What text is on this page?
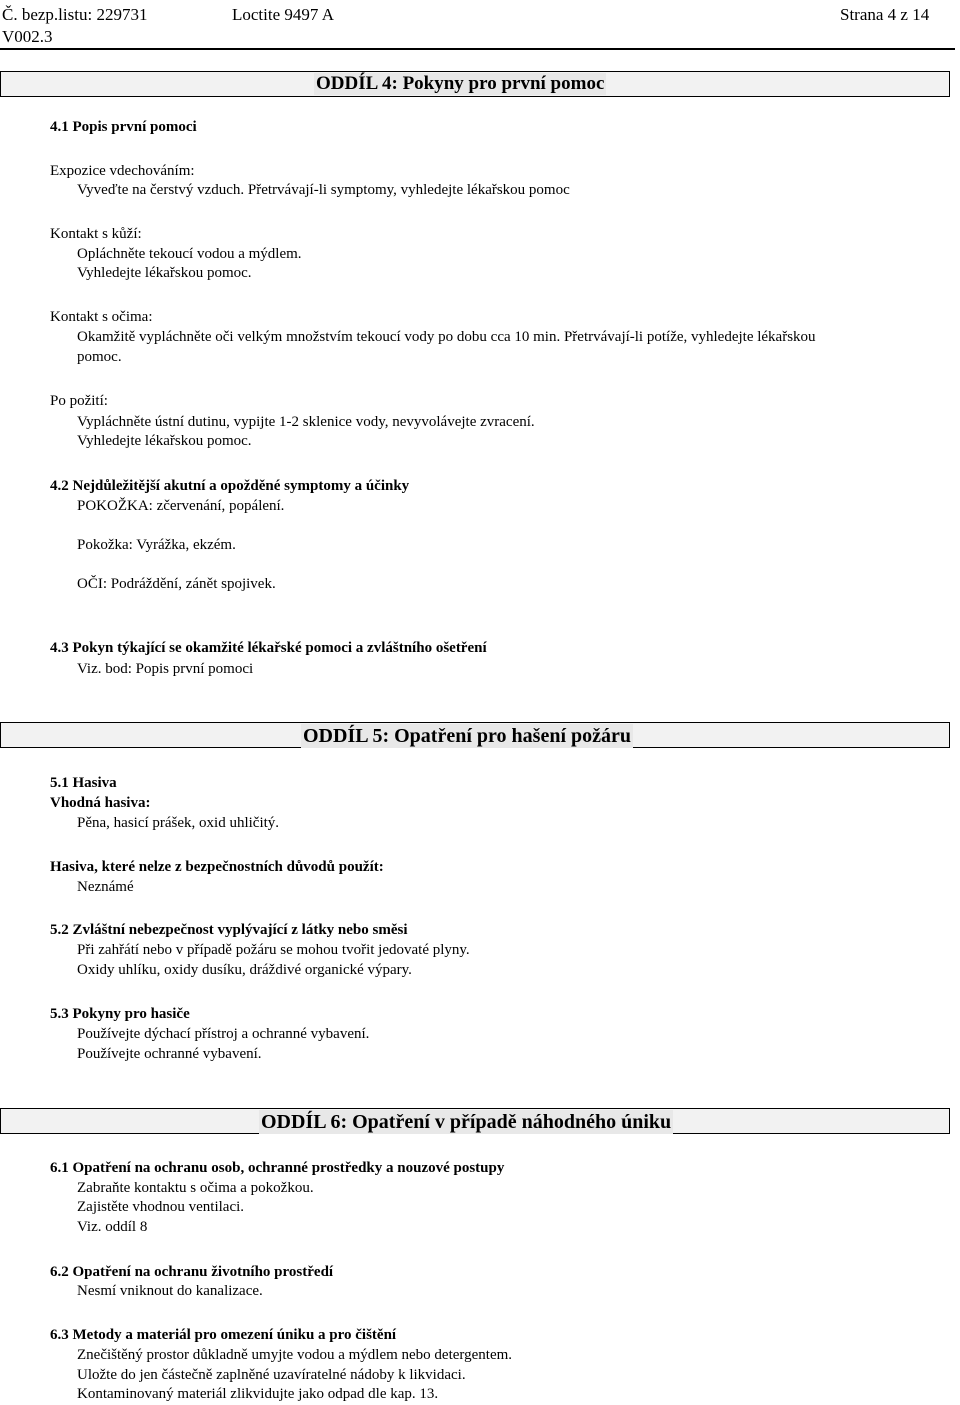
Č. bezp.listu: 229731	Loctite 9497 A	Strana 4 z 14
V002.3
ODDÍL 4: Pokyny pro první pomoc
4.1 Popis první pomoci
Expozice vdechováním:
Vyveďte na čerstvý vzduch. Přetrvávají-li symptomy, vyhledejte lékařskou pomoc
Kontakt s kůží:
Opláchněte tekoucí vodou a mýdlem.
Vyhledejte lékařskou pomoc.
Kontakt s očima:
Okamžitě vypláchněte oči velkým množstvím tekoucí vody po dobu cca 10 min. Přetrvávají-li potíže, vyhledejte lékařskou
pomoc.
Po požití:
Vypláchněte ústní dutinu, vypijte 1-2 sklenice vody, nevyvolávejte zvracení.
Vyhledejte lékařskou pomoc.
4.2 Nejdůležitější akutní a opožděné symptomy a účinky
POKOŽKA: zčervenání, popálení.
Pokožka: Vyrážka, ekzém.
OČI: Podráždění, zánět spojivek.
4.3 Pokyn týkající se okamžité lékařské pomoci a zvláštního ošetření
Viz. bod: Popis první pomoci
ODDÍL 5: Opatření pro hašení požáru
5.1 Hasiva
Vhodná hasiva:
Pěna, hasicí prášek, oxid uhličitý.
Hasiva, které nelze z bezpečnostních důvodů použít:
Neznámé
5.2 Zvláštní nebezpečnost vyplývající z látky nebo směsi
Při zahřátí nebo v případě požáru se mohou tvořit jedovaté plyny.
Oxidy uhlíku, oxidy dusíku, dráždivé organické výpary.
5.3 Pokyny pro hasiče
Používejte dýchací přístroj a ochranné vybavení.
Používejte ochranné vybavení.
ODDÍL 6: Opatření v případě náhodného úniku
6.1 Opatření na ochranu osob, ochranné prostředky a nouzové postupy
Zabraňte kontaktu s očima a pokožkou.
Zajistěte vhodnou ventilaci.
Viz. oddíl 8
6.2 Opatření na ochranu životního prostředí
Nesmí vniknout do kanalizace.
6.3 Metody a materiál pro omezení úniku a pro čištění
Znečištěný prostor důkladně umyjte vodou a mýdlem nebo detergentem.
Uložte do jen částečně zaplněné uzavíratelné nádoby k likvidaci.
Kontaminovaný materiál zlikvidujte jako odpad dle kap. 13.
